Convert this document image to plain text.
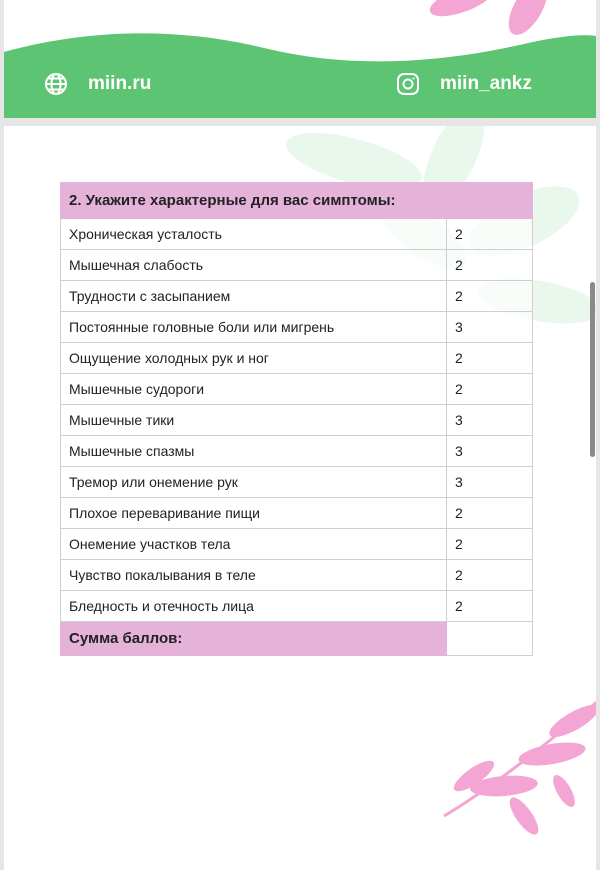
miin.ru	miin_ankz
2. Укажите характерные для вас симптомы:	
Хроническая усталость	2
Мышечная слабость	2
Трудности с засыпанием	2
Постоянные головные боли или мигрень	3
Ощущение холодных рук и ног	2
Мышечные судороги	2
Мышечные тики	3
Мышечные спазмы	3
Тремор или онемение рук	3
Плохое переваривание пищи	2
Онемение участков тела	2
Чувство покалывания в теле	2
Бледность и отечность лица	2
Сумма баллов:	
